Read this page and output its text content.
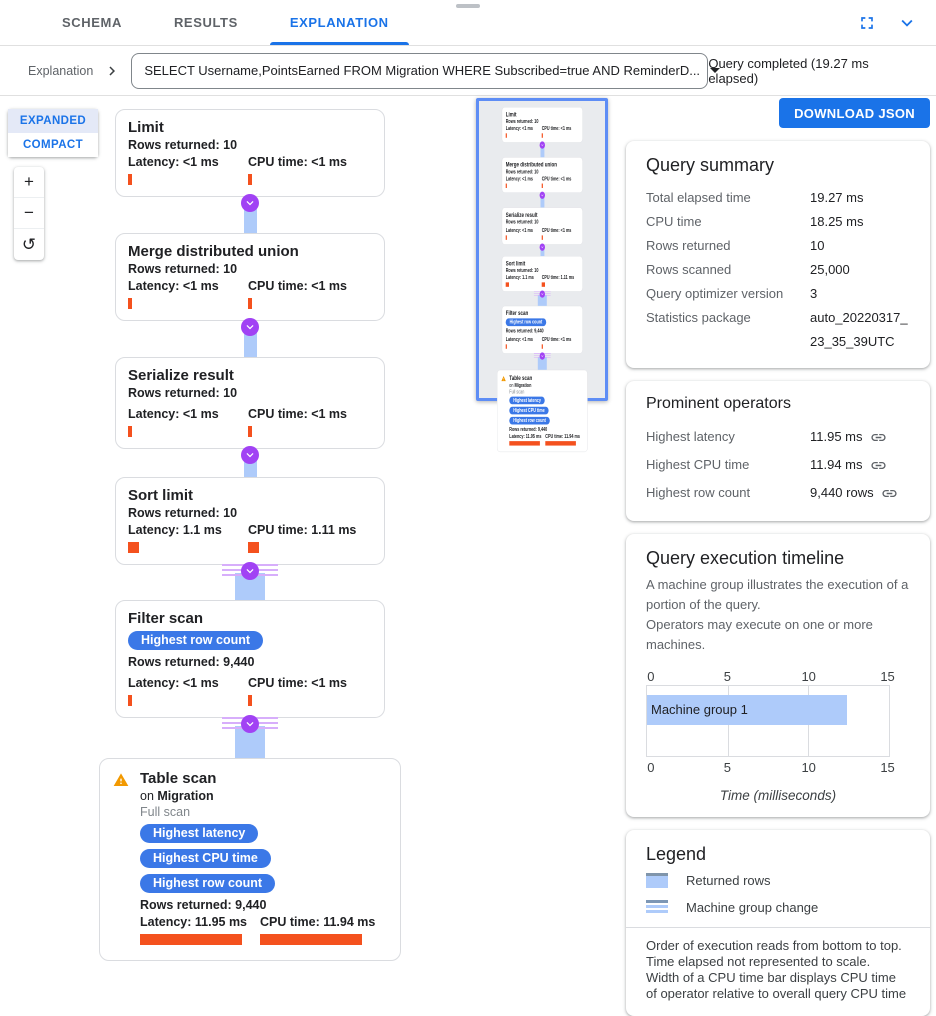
SCHEMA	RESULTS	EXPLANATION
Explanation	SELECT Username,PointsEarned FROM Migration WHERE Subscribed=true AND ReminderD... Query completed (19.27 ms elapsed)
EXPANDED
COMPACT
+
−
↺
Limit
Rows returned: 10
Latency: <1 ms	CPU time: <1 ms
Merge distributed union
Rows returned: 10
Latency: <1 ms	CPU time: <1 ms
Serialize result
Rows returned: 10
Latency: <1 ms	CPU time: <1 ms
Sort limit
Rows returned: 10
Latency: 1.1 ms	CPU time: 1.11 ms
Filter scan
Highest row count
Rows returned: 9,440
Latency: <1 ms	CPU time: <1 ms
Table scan
on Migration
Full scan
Highest latency
Highest CPU time
Highest row count
Rows returned: 9,440
Latency: 11.95 ms	CPU time: 11.94 ms
Limit
Rows returned: 10
Latency: <1 ms CPU time: <1 ms
Merge distributed union
Rows returned: 10
Latency: <1 ms CPU time: <1 ms
Serialize result
Rows returned: 10
Latency: <1 ms CPU time: <1 ms
Sort limit
Rows returned: 10
Latency: 1.1 ms CPU time: 1.11 ms
Filter scan
Highest row count
Rows returned: 9,440
Latency: <1 ms CPU time: <1 ms
Table scan
on Migration
Full scan
Highest latency
Highest CPU time
Highest row count
Rows returned: 9,440
Latency: 11.95 ms CPU time: 11.94 ms
DOWNLOAD JSON
Query summary
Total elapsed time	19.27 ms
CPU time	18.25 ms
Rows returned	10
Rows scanned	25,000
Query optimizer version	3
Statistics package	auto_20220317_23_35_39UTC
Prominent operators
Highest latency	11.95 ms
Highest CPU time	11.94 ms
Highest row count	9,440 rows
Query execution timeline
A machine group illustrates the execution of a portion of the query.
Operators may execute on one or more machines.
0	5	10	15
Machine group 1
0	5	10	15
Time (milliseconds)
Legend
Returned rows
Machine group change
Order of execution reads from bottom to top.
Time elapsed not represented to scale.
Width of a CPU time bar displays CPU time of operator relative to overall query CPU time
